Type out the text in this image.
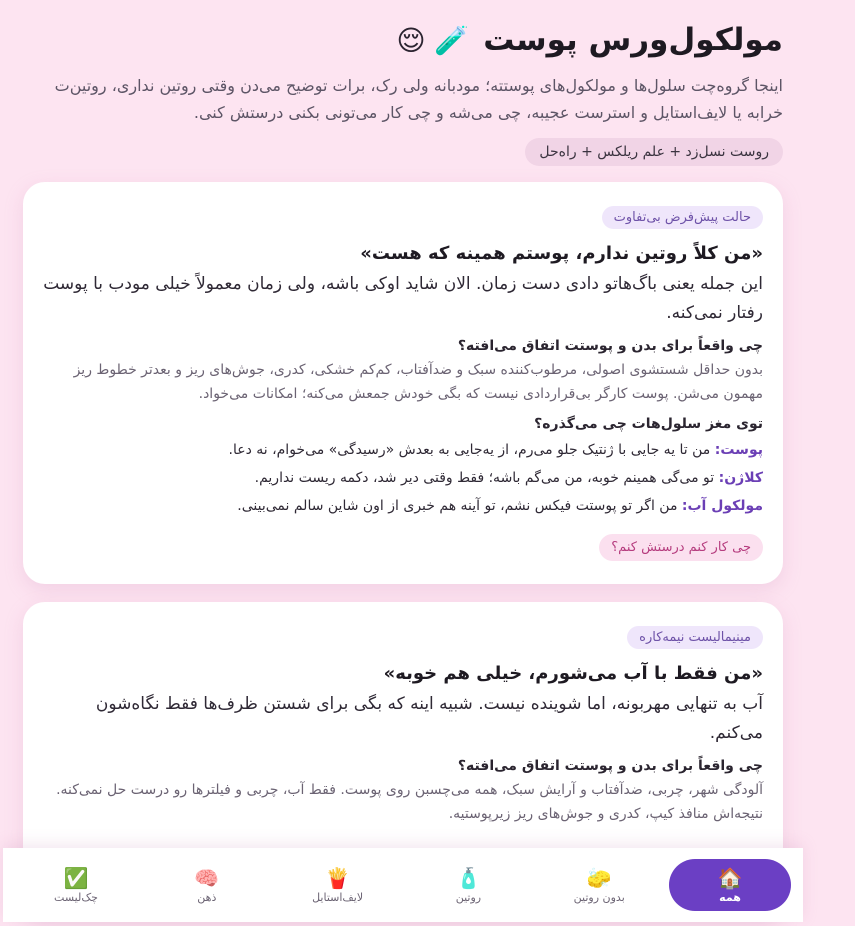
مولکول‌ورس پوست
🧪 😌
اینجا گروه‌چت سلول‌ها و مولکول‌های پوستته؛ مودبانه ولی رک، برات توضیح می‌دن وقتی روتین نداری، روتین‌ت خرابه یا لایف‌استایل و استرست عجیبه، چی می‌شه و چی کار می‌تونی بکنی درستش کنی.
روست نسل‌زد + علم ریلکس + راه‌حل
حالت پیش‌فرض بی‌تفاوت
«من کلاً روتین ندارم، پوستم همینه که هست»
این جمله یعنی باگ‌هاتو دادی دست زمان. الان شاید اوکی باشه، ولی زمان معمولاً خیلی مودب با پوست رفتار نمی‌کنه.
چی واقعاً برای بدن و پوستت اتفاق می‌افته؟
بدون حداقل شستشوی اصولی، مرطوب‌کننده سبک و ضدآفتاب، کم‌کم خشکی، کدری، جوش‌های ریز و بعدتر خطوط ریز مهمون می‌شن. پوست کارگر بی‌قراردادی نیست که بگی خودش جمعش می‌کنه؛ امکانات می‌خواد.
توی مغز سلول‌هات چی می‌گذره؟
پوست: من تا یه جایی با ژنتیک جلو می‌رم، از یه‌جایی به بعدش «رسیدگی» می‌خوام، نه دعا.
کلاژن: تو می‌گی همینم خوبه، من می‌گم باشه؛ فقط وقتی دیر شد، دکمه ریست نداریم.
مولکول آب: من اگر تو پوستت فیکس نشم، تو آینه هم خبری از اون شاین سالم نمی‌بینی.
چی کار کنم درستش کنم؟
مینیمالیست نیمه‌کاره
«من فقط با آب می‌شورم، خیلی هم خوبه»
آب به تنهایی مهربونه، اما شوینده نیست. شبیه اینه که بگی برای شستن ظرف‌ها فقط نگاه‌شون می‌کنم.
چی واقعاً برای بدن و پوستت اتفاق می‌افته؟
آلودگی شهر، چربی، ضدآفتاب و آرایش سبک، همه می‌چسبن روی پوست. فقط آب، چربی و فیلترها رو درست حل نمی‌کنه. نتیجه‌اش منافذ کیپ، کدری و جوش‌های ریز زیرپوستیه.
🏠
همه
🧽
بدون روتین
🧴
روتین
🍟
لایف‌استایل
🧠
ذهن
✅
چک‌لیست
